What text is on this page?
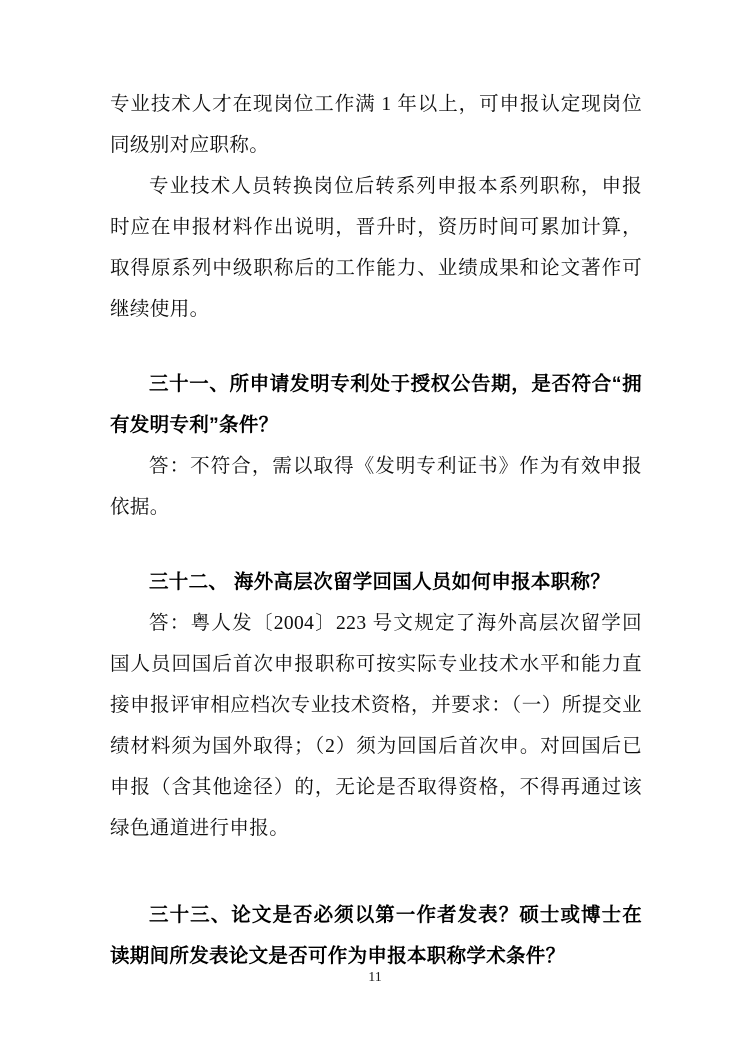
专业技术人才在现岗位工作满 1 年以上，可申报认定现岗位同级别对应职称。

专业技术人员转换岗位后转系列申报本系列职称，申报时应在申报材料作出说明，晋升时，资历时间可累加计算，取得原系列中级职称后的工作能力、业绩成果和论文著作可继续使用。

三十一、所申请发明专利处于授权公告期，是否符合“拥有发明专利”条件？

答：不符合，需以取得《发明专利证书》作为有效申报依据。

三十二、 海外高层次留学回国人员如何申报本职称？

答：粤人发〔2004〕223 号文规定了海外高层次留学回国人员回国后首次申报职称可按实际专业技术水平和能力直接申报评审相应档次专业技术资格，并要求：（一）所提交业绩材料须为国外取得；（2）须为回国后首次申。对回国后已申报（含其他途径）的，无论是否取得资格，不得再通过该绿色通道进行申报。

三十三、论文是否必须以第一作者发表？硕士或博士在读期间所发表论文是否可作为申报本职称学术条件？

11
